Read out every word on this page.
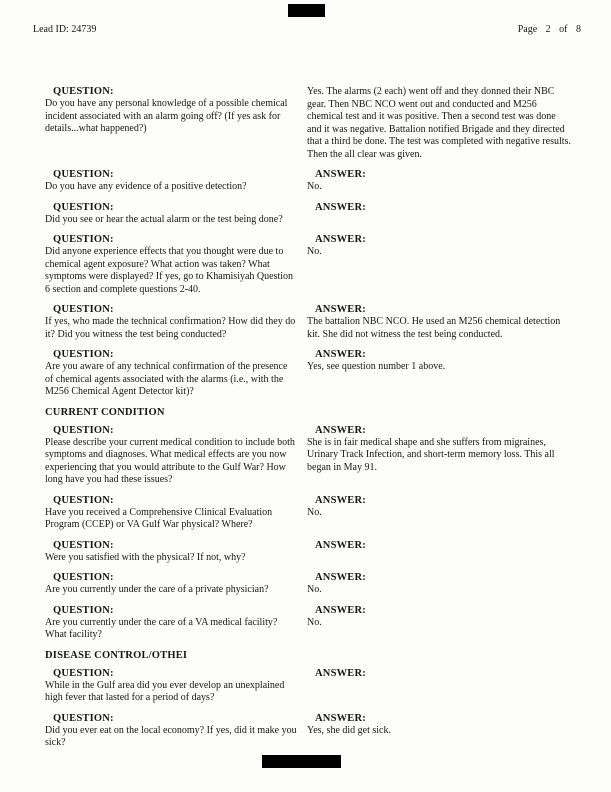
Lead ID: 24739	Page 2 of 8
QUESTION:
Do you have any personal knowledge of a possible chemical incident associated with an alarm going off? (If yes ask for details...what happened?)
Yes. The alarms (2 each) went off and they donned their NBC gear. Then NBC NCO went out and conducted and M256 chemical test and it was positive. Then a second test was done and it was negative. Battalion notified Brigade and they directed that a third be done. The test was completed with negative results. Then the all clear was given.
QUESTION:
Do you have any evidence of a positive detection?
ANSWER:
No.
QUESTION:
Did you see or hear the actual alarm or the test being done?
ANSWER:
QUESTION:
Did anyone experience effects that you thought were due to chemical agent exposure? What action was taken? What symptoms were displayed? If yes, go to Khamisiyah Question 6 section and complete questions 2-40.
ANSWER:
No.
QUESTION:
If yes, who made the technical confirmation? How did they do it? Did you witness the test being conducted?
ANSWER:
The battalion NBC NCO. He used an M256 chemical detection kit. She did not witness the test being conducted.
QUESTION:
Are you aware of any technical confirmation of the presence of chemical agents associated with the alarms (i.e., with the M256 Chemical Agent Detector kit)?
ANSWER:
Yes, see question number 1 above.
CURRENT CONDITION
QUESTION:
Please describe your current medical condition to include both symptoms and diagnoses. What medical effects are you now experiencing that you would attribute to the Gulf War? How long have you had these issues?
ANSWER:
She is in fair medical shape and she suffers from migraines, Urinary Track Infection, and short-term memory loss. This all began in May 91.
QUESTION:
Have you received a Comprehensive Clinical Evaluation Program (CCEP) or VA Gulf War physical? Where?
ANSWER:
No.
QUESTION:
Were you satisfied with the physical? If not, why?
ANSWER:
QUESTION:
Are you currently under the care of a private physician?
ANSWER:
No.
QUESTION:
Are you currently under the care of a VA medical facility? What facility?
ANSWER:
No.
DISEASE CONTROL/OTHEI
QUESTION:
While in the Gulf area did you ever develop an unexplained high fever that lasted for a period of days?
ANSWER:
QUESTION:
Did you ever eat on the local economy? If yes, did it make you sick?
ANSWER:
Yes, she did get sick.
